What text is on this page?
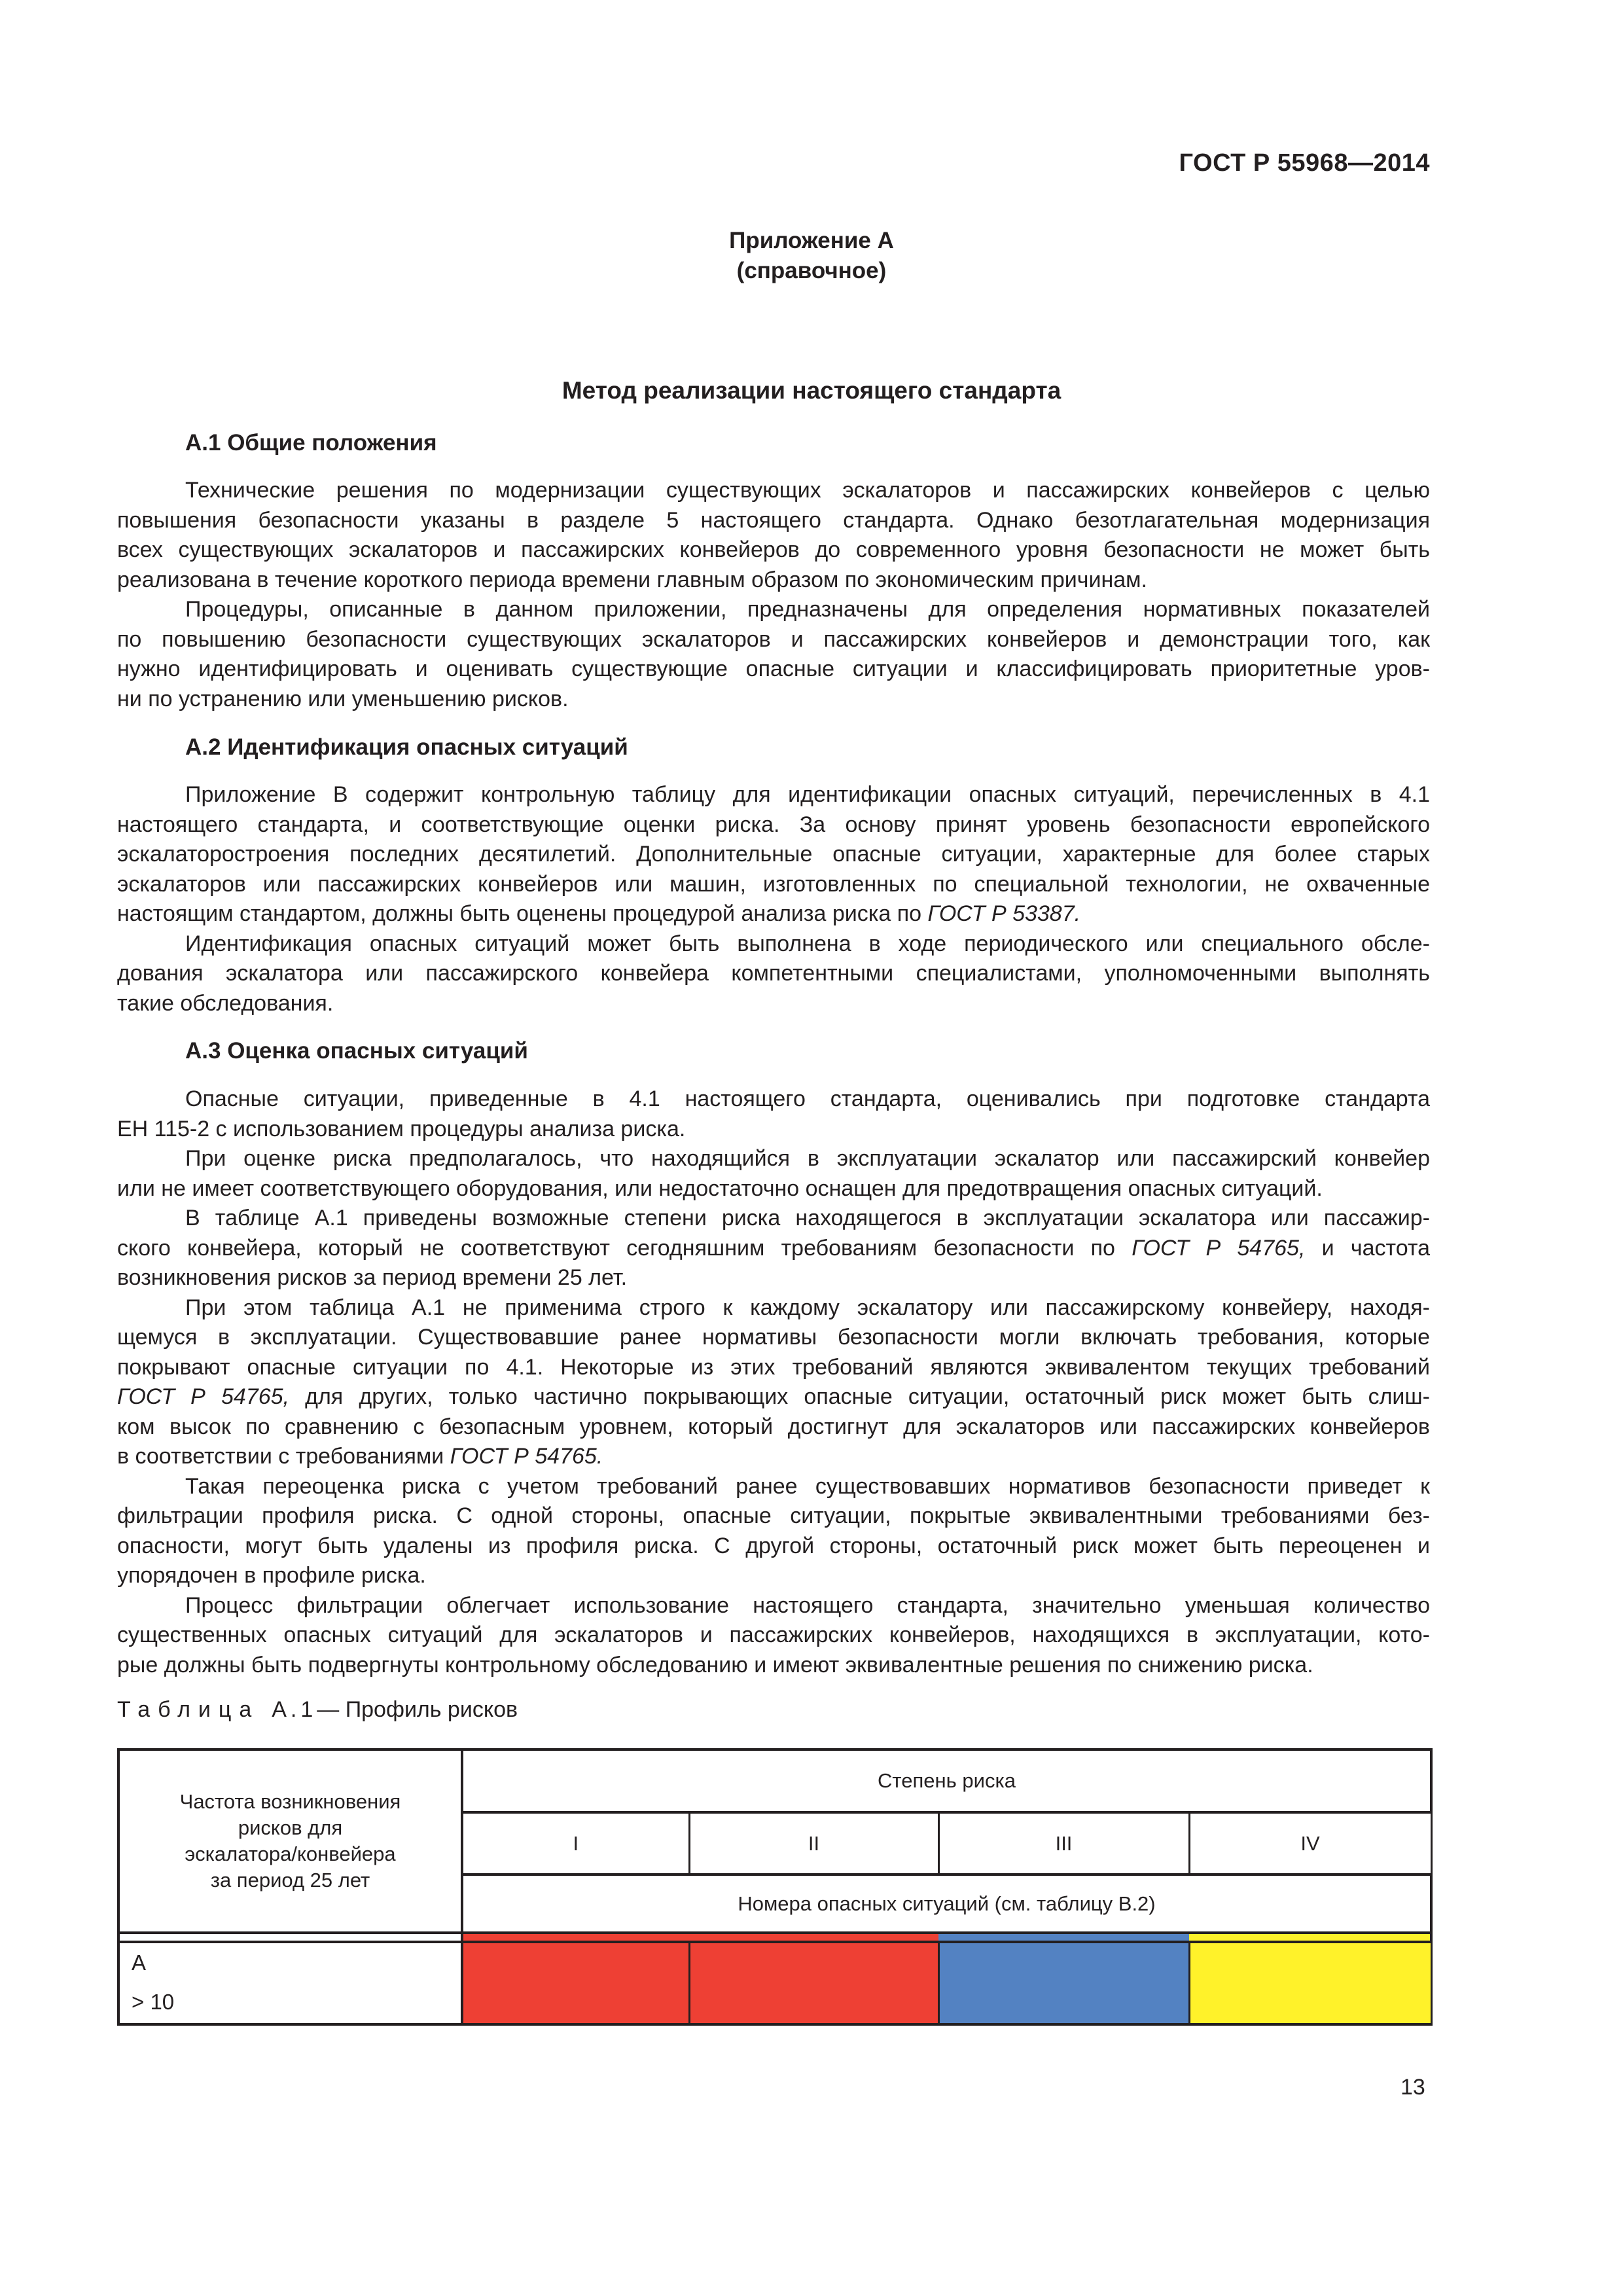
ГОСТ Р 55968—2014
Приложение А
(справочное)
Метод реализации настоящего стандарта
А.1 Общие положения
Технические решения по модернизации существующих эскалаторов и пассажирских конвейеров с целью
повышения безопасности указаны в разделе 5 настоящего стандарта. Однако безотлагательная модернизация
всех существующих эскалаторов и пассажирских конвейеров до современного уровня безопасности не может быть
реализована в течение короткого периода времени главным образом по экономическим причинам.
Процедуры, описанные в данном приложении, предназначены для определения нормативных показателей
по повышению безопасности существующих эскалаторов и пассажирских конвейеров и демонстрации того, как
нужно идентифицировать и оценивать существующие опасные ситуации и классифицировать приоритетные уров-
ни по устранению или уменьшению рисков.
А.2 Идентификация опасных ситуаций
Приложение В содержит контрольную таблицу для идентификации опасных ситуаций, перечисленных в 4.1
настоящего стандарта, и соответствующие оценки риска. За основу принят уровень безопасности европейского
эскалаторостроения последних десятилетий. Дополнительные опасные ситуации, характерные для более старых
эскалаторов или пассажирских конвейеров или машин, изготовленных по специальной технологии, не охваченные
настоящим стандартом, должны быть оценены процедурой анализа риска по ГОСТ Р 53387.
Идентификация опасных ситуаций может быть выполнена в ходе периодического или специального обсле-
дования эскалатора или пассажирского конвейера компетентными специалистами, уполномоченными выполнять
такие обследования.
А.3 Оценка опасных ситуаций
Опасные ситуации, приведенные в 4.1 настоящего стандарта, оценивались при подготовке стандарта
ЕН 115-2 с использованием процедуры анализа риска.
При оценке риска предполагалось, что находящийся в эксплуатации эскалатор или пассажирский конвейер
или не имеет соответствующего оборудования, или недостаточно оснащен для предотвращения опасных ситуаций.
В таблице А.1 приведены возможные степени риска находящегося в эксплуатации эскалатора или пассажир-
ского конвейера, который не соответствуют сегодняшним требованиям безопасности по ГОСТ Р 54765, и частота
возникновения рисков за период времени 25 лет.
При этом таблица А.1 не применима строго к каждому эскалатору или пассажирскому конвейеру, находя-
щемуся в эксплуатации. Существовавшие ранее нормативы безопасности могли включать требования, которые
покрывают опасные ситуации по 4.1. Некоторые из этих требований являются эквивалентом текущих требований
ГОСТ Р 54765, для других, только частично покрывающих опасные ситуации, остаточный риск может быть слиш-
ком высок по сравнению с безопасным уровнем, который достигнут для эскалаторов или пассажирских конвейеров
в соответствии с требованиями ГОСТ Р 54765.
Такая переоценка риска с учетом требований ранее существовавших нормативов безопасности приведет к
фильтрации профиля риска. С одной стороны, опасные ситуации, покрытые эквивалентными требованиями без-
опасности, могут быть удалены из профиля риска. С другой стороны, остаточный риск может быть переоценен и
упорядочен в профиле риска.
Процесс фильтрации облегчает использование настоящего стандарта, значительно уменьшая количество
существенных опасных ситуаций для эскалаторов и пассажирских конвейеров, находящихся в эксплуатации, кото-
рые должны быть подвергнуты контрольному обследованию и имеют эквивалентные решения по снижению риска.
Таблица А.1— Профиль рисков
Частота возникновения
рисков для
эскалатора/конвейера
за период 25 лет	Степень риска			
	I	II	III	IV
	Номера опасных ситуаций (см. таблицу В.2)			

А
> 10				

13
